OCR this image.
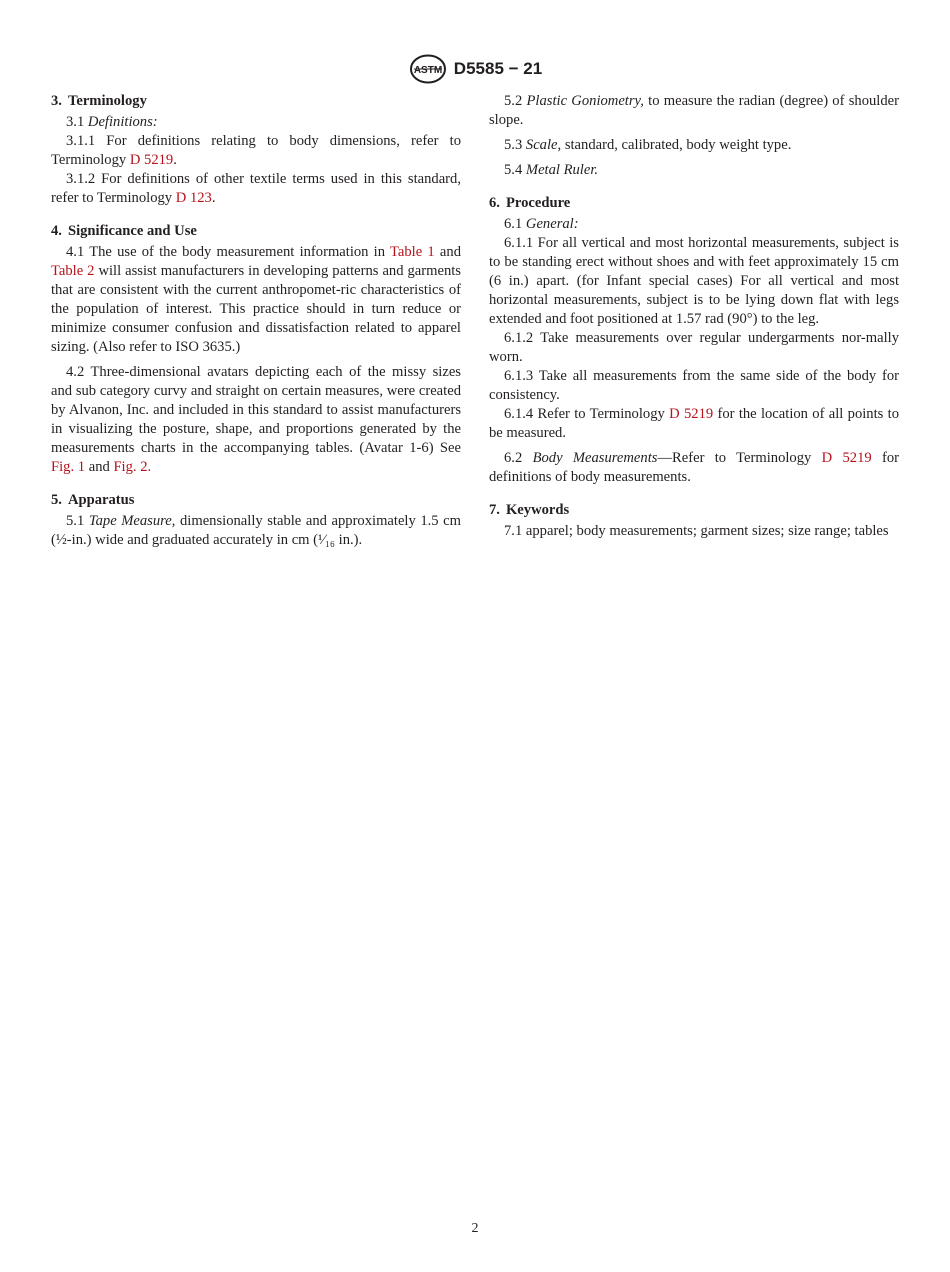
ASTM D5585 − 21
3. Terminology

3.1 Definitions:

3.1.1 For definitions relating to body dimensions, refer to Terminology D 5219.

3.1.2 For definitions of other textile terms used in this standard, refer to Terminology D 123.

4. Significance and Use

4.1 The use of the body measurement information in Table 1 and Table 2 will assist manufacturers in developing patterns and garments that are consistent with the current anthropomet-ric characteristics of the population of interest. This practice should in turn reduce or minimize consumer confusion and dissatisfaction related to apparel sizing. (Also refer to ISO 3635.)

4.2 Three-dimensional avatars depicting each of the missy sizes and sub category curvy and straight on certain measures, were created by Alvanon, Inc. and included in this standard to assist manufacturers in visualizing the posture, shape, and proportions generated by the measurements charts in the accompanying tables. (Avatar 1-6) See Fig. 1 and Fig. 2.

5. Apparatus

5.1 Tape Measure, dimensionally stable and approximately 1.5 cm (½-in.) wide and graduated accurately in cm (¹⁄₁₆ in.).

5.2 Plastic Goniometry, to measure the radian (degree) of shoulder slope.

5.3 Scale, standard, calibrated, body weight type.

5.4 Metal Ruler.

6. Procedure

6.1 General:

6.1.1 For all vertical and most horizontal measurements, subject is to be standing erect without shoes and with feet approximately 15 cm (6 in.) apart. (for Infant special cases) For all vertical and most horizontal measurements, subject is to be lying down flat with legs extended and foot positioned at 1.57 rad (90°) to the leg.

6.1.2 Take measurements over regular undergarments nor-mally worn.

6.1.3 Take all measurements from the same side of the body for consistency.

6.1.4 Refer to Terminology D 5219 for the location of all points to be measured.

6.2 Body Measurements—Refer to Terminology D 5219 for definitions of body measurements.

7. Keywords

7.1 apparel; body measurements; garment sizes; size range; tables

2
